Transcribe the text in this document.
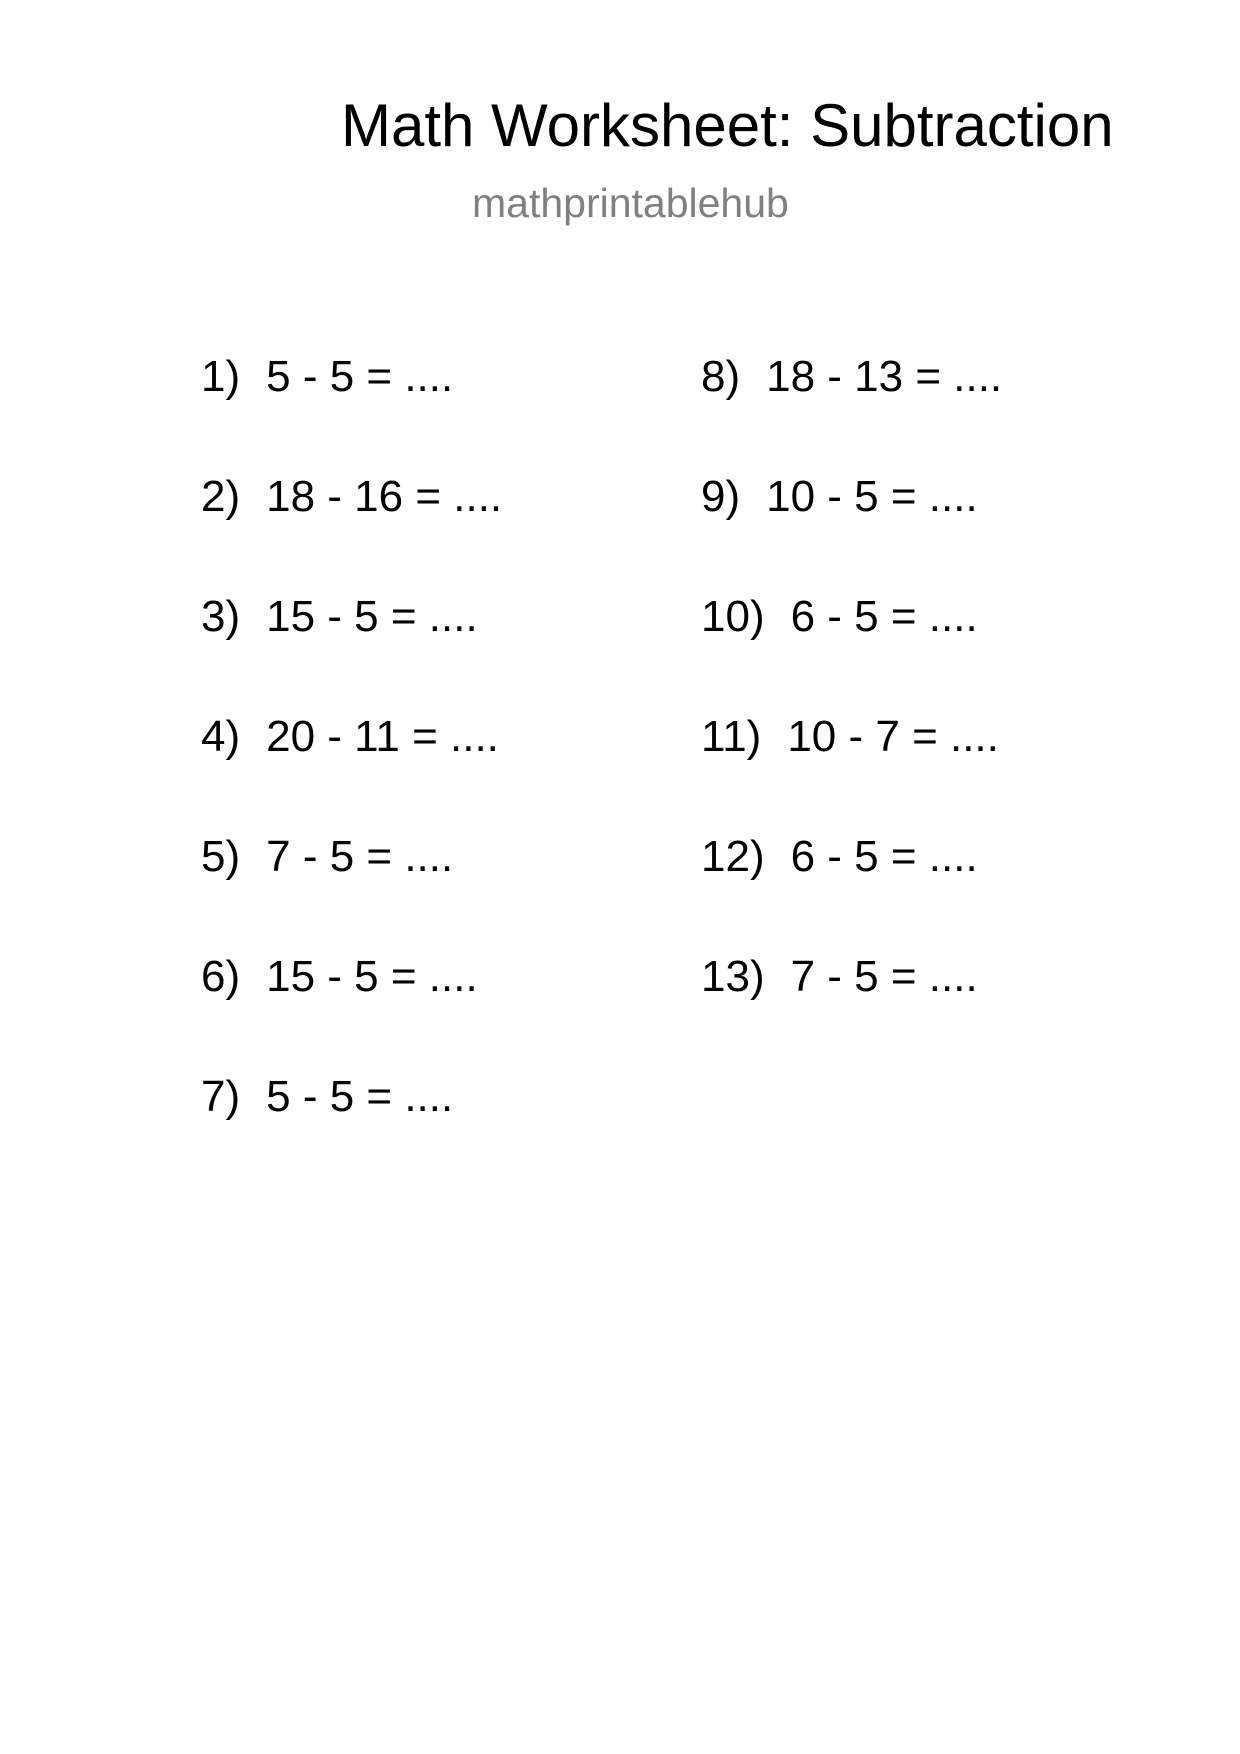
Math Worksheet: Subtraction
mathprintablehub
1) 5 - 5 = ....
2) 18 - 16 = ....
3) 15 - 5 = ....
4) 20 - 11 = ....
5) 7 - 5 = ....
6) 15 - 5 = ....
7) 5 - 5 = ....
8) 18 - 13 = ....
9) 10 - 5 = ....
10) 6 - 5 = ....
11) 10 - 7 = ....
12) 6 - 5 = ....
13) 7 - 5 = ....
